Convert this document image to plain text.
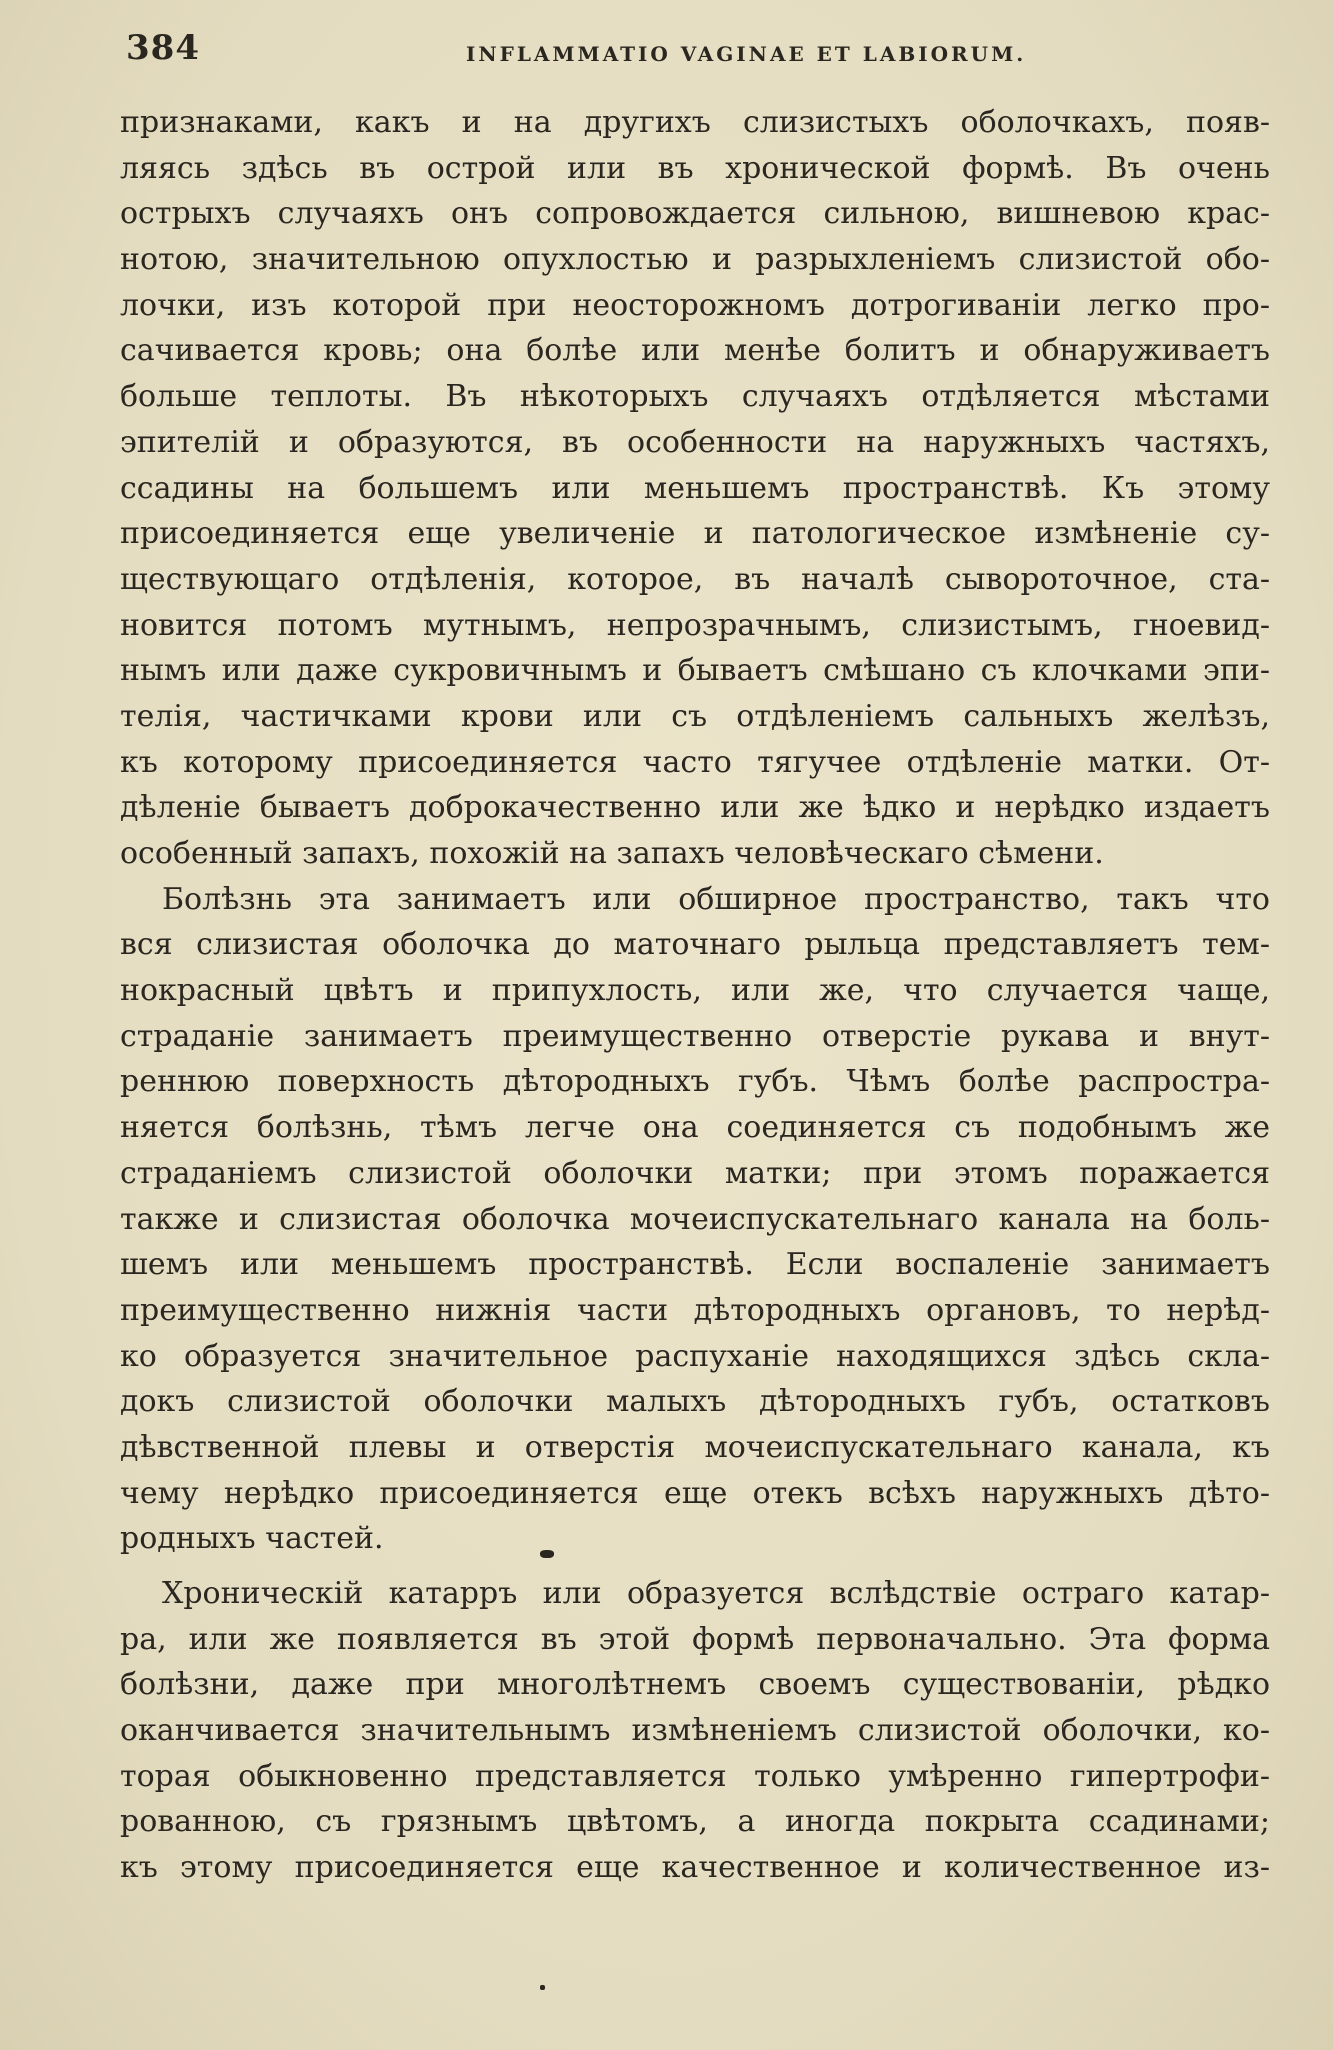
384	INFLAMMATIO VAGINAE ET LABIORUM.
признаками, какъ и на другихъ слизистыхъ оболочкахъ, появ-
ляясь здѣсь въ острой или въ хронической формѣ. Въ очень
острыхъ случаяхъ онъ сопровождается сильною, вишневою крас-
нотою, значительною опухлостью и разрыхленіемъ слизистой обо-
лочки, изъ которой при неосторожномъ дотрогиваніи легко про-
сачивается кровь; она болѣе или менѣе болитъ и обнаруживаетъ
больше теплоты. Въ нѣкоторыхъ случаяхъ отдѣляется мѣстами
эпителій и образуются, въ особенности на наружныхъ частяхъ,
ссадины на большемъ или меньшемъ пространствѣ. Къ этому
присоединяется еще увеличеніе и патологическое измѣненіе су-
ществующаго отдѣленія, которое, въ началѣ сывороточное, ста-
новится потомъ мутнымъ, непрозрачнымъ, слизистымъ, гноевид-
нымъ или даже сукровичнымъ и бываетъ смѣшано съ клочками эпи-
телія, частичками крови или съ отдѣленіемъ сальныхъ желѣзъ,
къ которому присоединяется часто тягучее отдѣленіе матки. От-
дѣленіе бываетъ доброкачественно или же ѣдко и нерѣдко издаетъ
особенный запахъ, похожій на запахъ человѣческаго сѣмени.
Болѣзнь эта занимаетъ или обширное пространство, такъ что
вся слизистая оболочка до маточнаго рыльца представляетъ тем-
нокрасный цвѣтъ и припухлость, или же, что случается чаще,
страданіе занимаетъ преимущественно отверстіе рукава и внут-
реннюю поверхность дѣтородныхъ губъ. Чѣмъ болѣе распростра-
няется болѣзнь, тѣмъ легче она соединяется съ подобнымъ же
страданіемъ слизистой оболочки матки; при этомъ поражается
также и слизистая оболочка мочеиспускательнаго канала на боль-
шемъ или меньшемъ пространствѣ. Если воспаленіе занимаетъ
преимущественно нижнія части дѣтородныхъ органовъ, то нерѣд-
ко образуется значительное распуханіе находящихся здѣсь скла-
докъ слизистой оболочки малыхъ дѣтородныхъ губъ, остатковъ
дѣвственной плевы и отверстія мочеиспускательнаго канала, къ
чему нерѣдко присоединяется еще отекъ всѣхъ наружныхъ дѣто-
родныхъ частей.
Хроническій катарръ или образуется вслѣдствіе остраго катар-
ра, или же появляется въ этой формѣ первоначально. Эта форма
болѣзни, даже при многолѣтнемъ своемъ существованіи, рѣдко
оканчивается значительнымъ измѣненіемъ слизистой оболочки, ко-
торая обыкновенно представляется только умѣренно гипертрофи-
рованною, съ грязнымъ цвѣтомъ, а иногда покрыта ссадинами;
къ этому присоединяется еще качественное и количественное из-
